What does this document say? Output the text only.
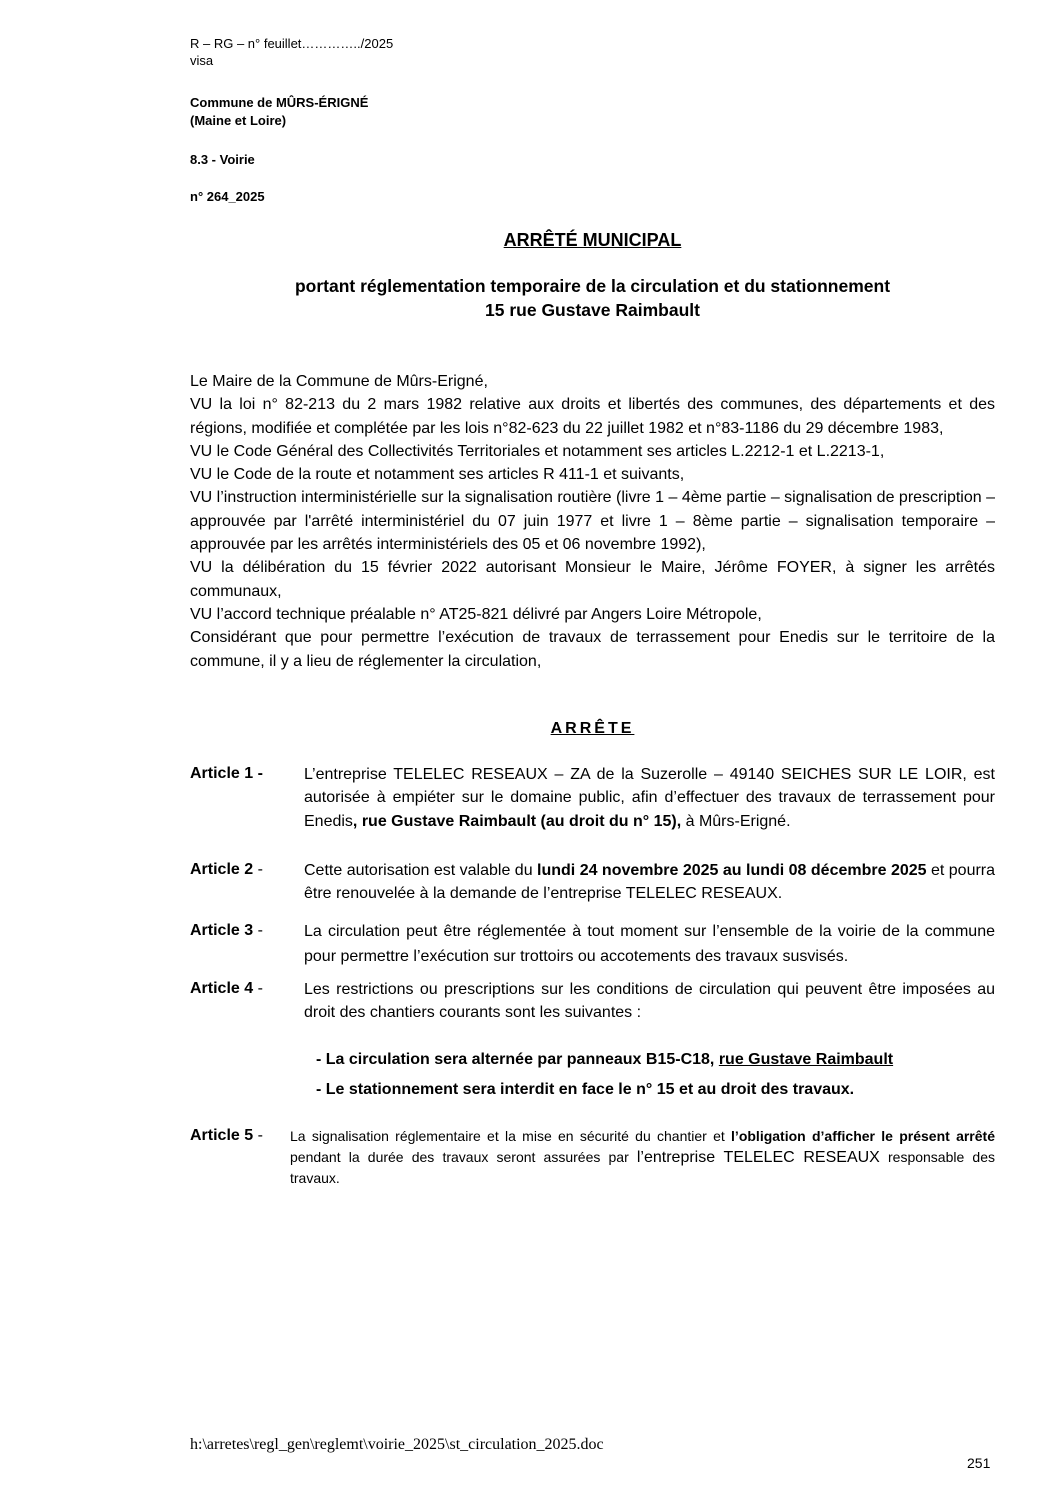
R – RG – n° feuillet…………../2025
visa
Commune de MÛRS-ÉRIGNÉ
(Maine et Loire)
8.3 - Voirie
n° 264_2025
ARRÊTÉ MUNICIPAL
portant réglementation temporaire de la circulation et du stationnement
15 rue Gustave Raimbault
Le Maire de la Commune de Mûrs-Erigné,
VU la loi n° 82-213 du 2 mars 1982 relative aux droits et libertés des communes, des départements et des régions, modifiée et complétée par les lois n°82-623 du 22 juillet 1982 et n°83-1186 du 29 décembre 1983,
VU le Code Général des Collectivités Territoriales et notamment ses articles L.2212-1 et L.2213-1,
VU le Code de la route et notamment ses articles R 411-1 et suivants,
VU l’instruction interministérielle sur la signalisation routière (livre 1 – 4ème partie – signalisation de prescription – approuvée par l'arrêté interministériel du 07 juin 1977 et livre 1 – 8ème partie – signalisation temporaire – approuvée par les arrêtés interministériels des 05 et 06 novembre 1992),
VU la délibération du 15 février 2022 autorisant Monsieur le Maire, Jérôme FOYER, à signer les arrêtés communaux,
VU l’accord technique préalable n° AT25-821 délivré par Angers Loire Métropole,
Considérant que pour permettre l’exécution de travaux de terrassement pour Enedis sur le territoire de la commune, il y a lieu de réglementer la circulation,
ARRÊTE
Article 1 -	L’entreprise TELELEC RESEAUX – ZA de la Suzerolle – 49140 SEICHES SUR LE LOIR, est autorisée à empiéter sur le domaine public, afin d’effectuer des travaux de terrassement pour Enedis, rue Gustave Raimbault (au droit du n° 15), à Mûrs-Erigné.
Article 2 -	Cette autorisation est valable du lundi 24 novembre 2025 au lundi 08 décembre 2025 et pourra être renouvelée à la demande de l’entreprise TELELEC RESEAUX.
Article 3 -	La circulation peut être réglementée à tout moment sur l’ensemble de la voirie de la commune pour permettre l’exécution sur trottoirs ou accotements des travaux susvisés.
Article 4 -	Les restrictions ou prescriptions sur les conditions de circulation qui peuvent être imposées au droit des chantiers courants sont les suivantes :
- La circulation sera alternée par panneaux B15-C18, rue Gustave Raimbault
- Le stationnement sera interdit en face le n° 15 et au droit des travaux.
Article 5 - La signalisation réglementaire et la mise en sécurité du chantier et l’obligation d’afficher le présent arrêté pendant la durée des travaux seront assurées par l’entreprise TELELEC RESEAUX responsable des travaux.
h:\arretes\regl_gen\reglemt\voirie_2025\st_circulation_2025.doc
251
